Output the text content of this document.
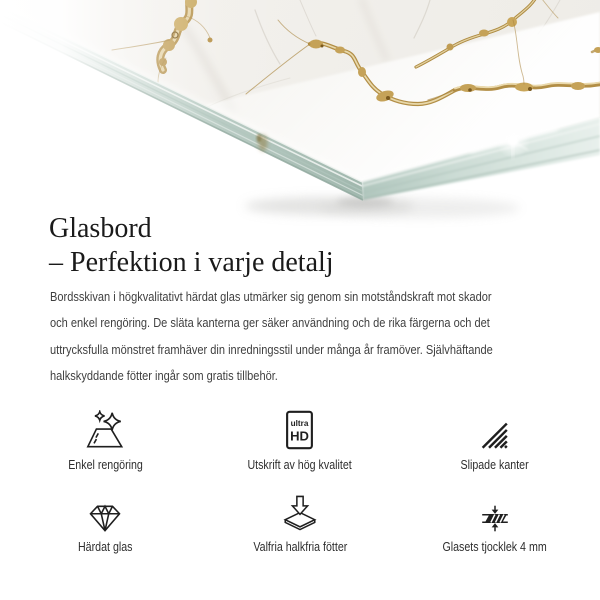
Glasbord
– Perfektion i varje detalj
Bordsskivan i högkvalitativt härdat glas utmärker sig genom sin motståndskraft mot skador
och enkel rengöring. De släta kanterna ger säker användning och de rika färgerna och det
uttrycksfulla mönstret framhäver din inredningsstil under många år framöver. Självhäftande
halkskyddande fötter ingår som gratis tillbehör.
Enkel rengöring
ultra
HD
Utskrift av hög kvalitet	Slipade kanter
Härdat glas	Valfria halkfria fötter	Glasets tjocklek 4 mm
